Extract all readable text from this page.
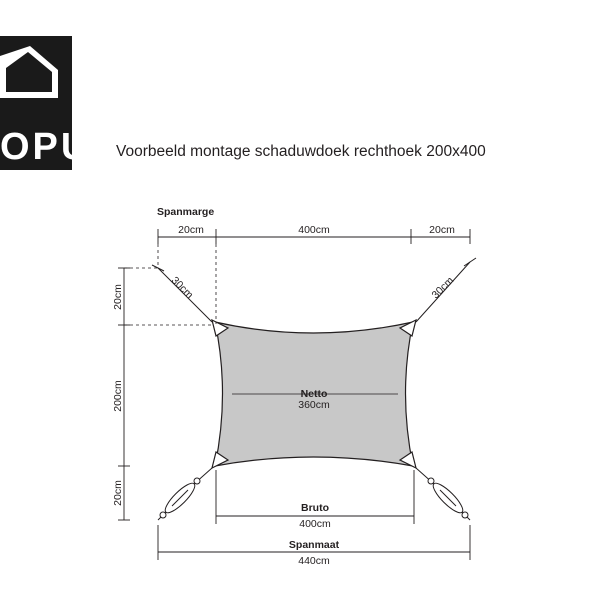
OPU Voorbeeld montage schaduwdoek rechthoek 200x400
Netto
360cm
Spanmarge
20cm	400cm	20cm
30cm	30cm
20cm
200cm
20cm
Bruto
400cm
Spanmaat
440cm
